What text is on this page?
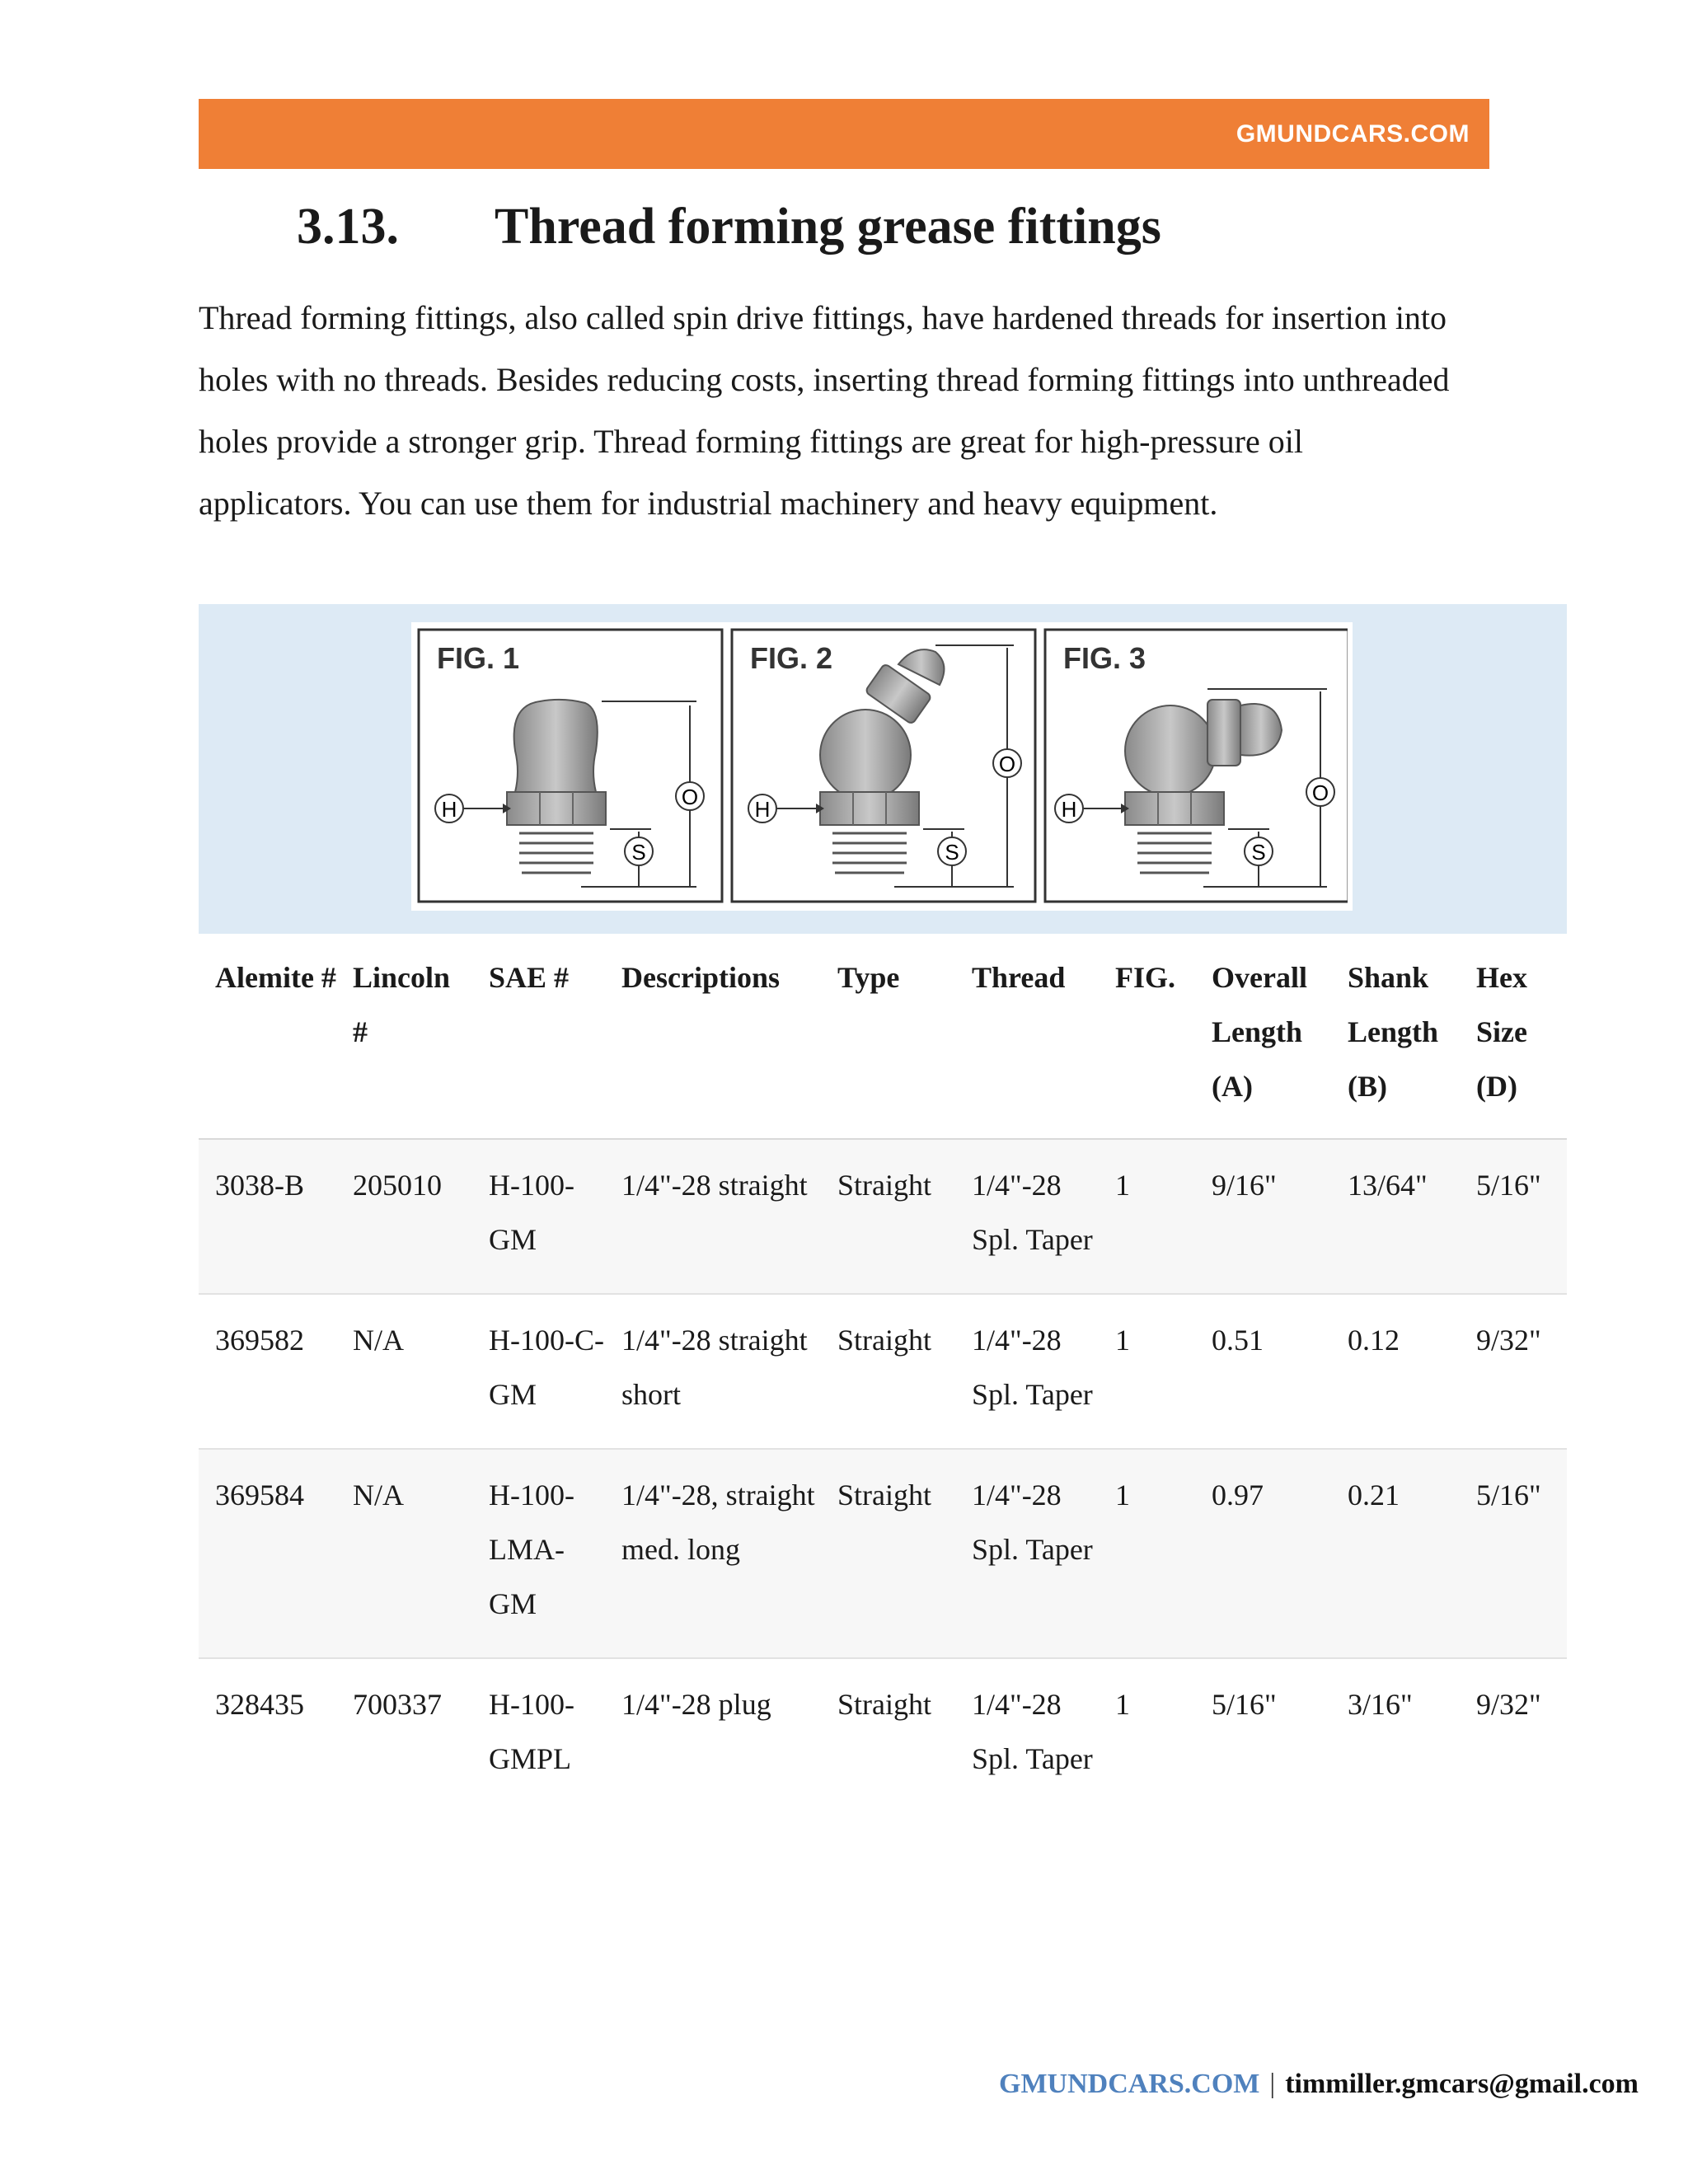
GMUNDCARS.COM
3.13. Thread forming grease fittings

Thread forming fittings, also called spin drive fittings, have hardened threads for insertion into holes with no threads. Besides reducing costs, inserting thread forming fittings into unthreaded holes provide a stronger grip. Thread forming fittings are great for high-pressure oil applicators. You can use them for industrial machinery and heavy equipment.

FIG. 1
O
S
H
FIG. 2
O
S
H
FIG. 3
O
S
H
Alemite #	Lincoln #	SAE #	Descriptions	Type	Thread	FIG.	Overall Length (A)	Shank Length (B)	Hex Size (D)
3038-B	205010	H-100-GM	1/4"-28 straight	Straight	1/4"-28 Spl. Taper	1	9/16"	13/64"	5/16"
369582	N/A	H-100-C-GM	1/4"-28 straight short	Straight	1/4"-28 Spl. Taper	1	0.51	0.12	9/32"
369584	N/A	H-100-LMA-GM	1/4"-28, straight med. long	Straight	1/4"-28 Spl. Taper	1	0.97	0.21	5/16"
328435	700337	H-100-GMPL	1/4"-28 plug	Straight	1/4"-28 Spl. Taper	1	5/16"	3/16"	9/32"
GMUNDCARS.COM | timmiller.gmcars@gmail.com
